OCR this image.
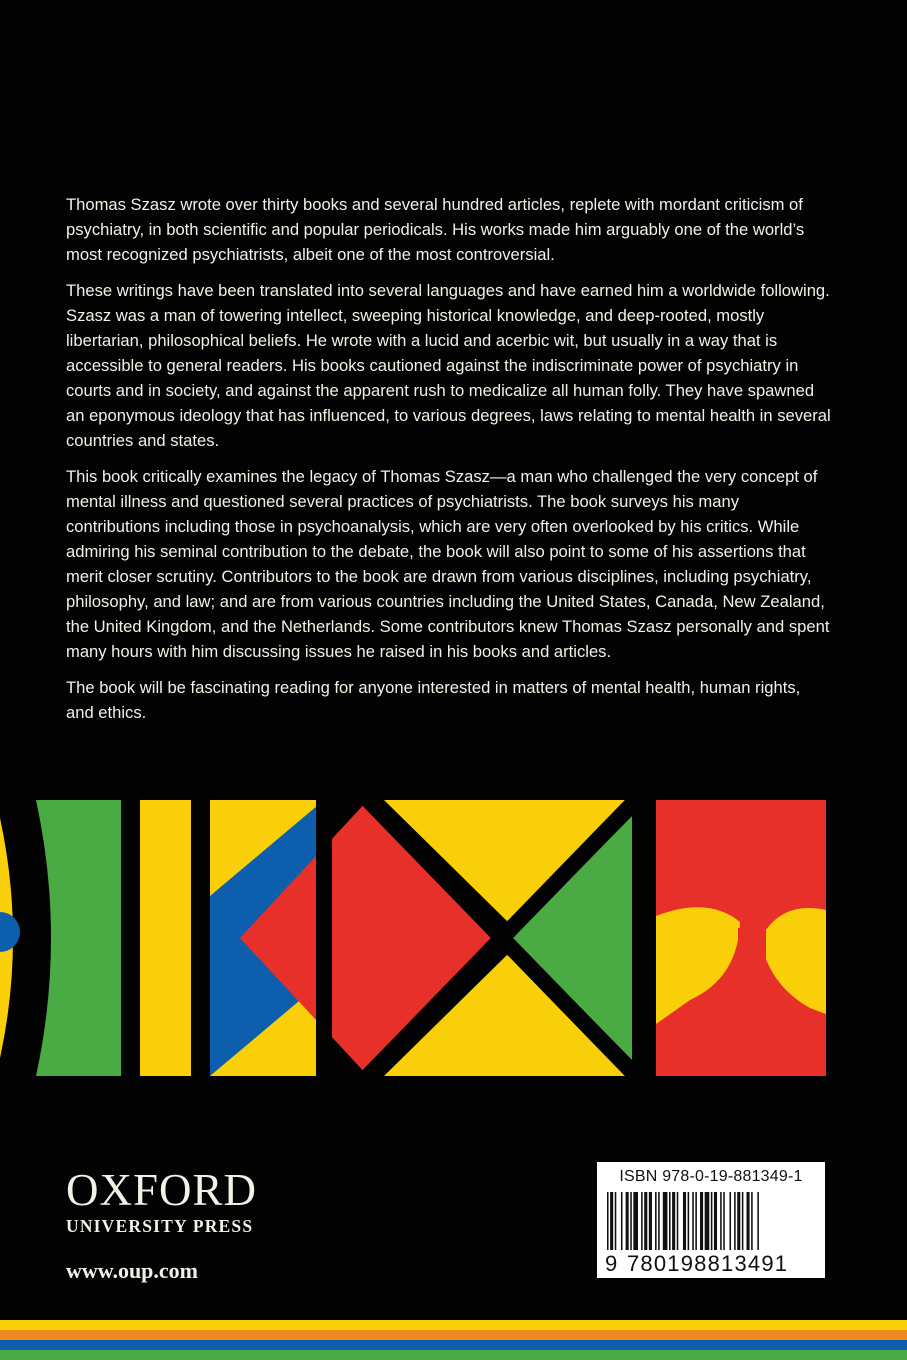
Thomas Szasz wrote over thirty books and several hundred articles, replete with mordant criticism of psychiatry, in both scientific and popular periodicals. His works made him arguably one of the world’s most recognized psychiatrists, albeit one of the most controversial.

These writings have been translated into several languages and have earned him a worldwide following. Szasz was a man of towering intellect, sweeping historical knowledge, and deep-rooted, mostly libertarian, philosophical beliefs. He wrote with a lucid and acerbic wit, but usually in a way that is accessible to general readers. His books cautioned against the indiscriminate power of psychiatry in courts and in society, and against the apparent rush to medicalize all human folly. They have spawned an eponymous ideology that has influenced, to various degrees, laws relating to mental health in several countries and states.

This book critically examines the legacy of Thomas Szasz—a man who challenged the very concept of mental illness and questioned several practices of psychiatrists. The book surveys his many contributions including those in psychoanalysis, which are very often overlooked by his critics. While admiring his seminal contribution to the debate, the book will also point to some of his assertions that merit closer scrutiny. Contributors to the book are drawn from various disciplines, including psychiatry, philosophy, and law; and are from various countries including the United States, Canada, New Zealand, the United Kingdom, and the Netherlands. Some contributors knew Thomas Szasz personally and spent many hours with him discussing issues he raised in his books and articles.

The book will be fascinating reading for anyone interested in matters of mental health, human rights, and ethics.

OXFORD
UNIVERSITY PRESS
www.oup.com
ISBN 978-0-19-881349-1
9 780198813491
